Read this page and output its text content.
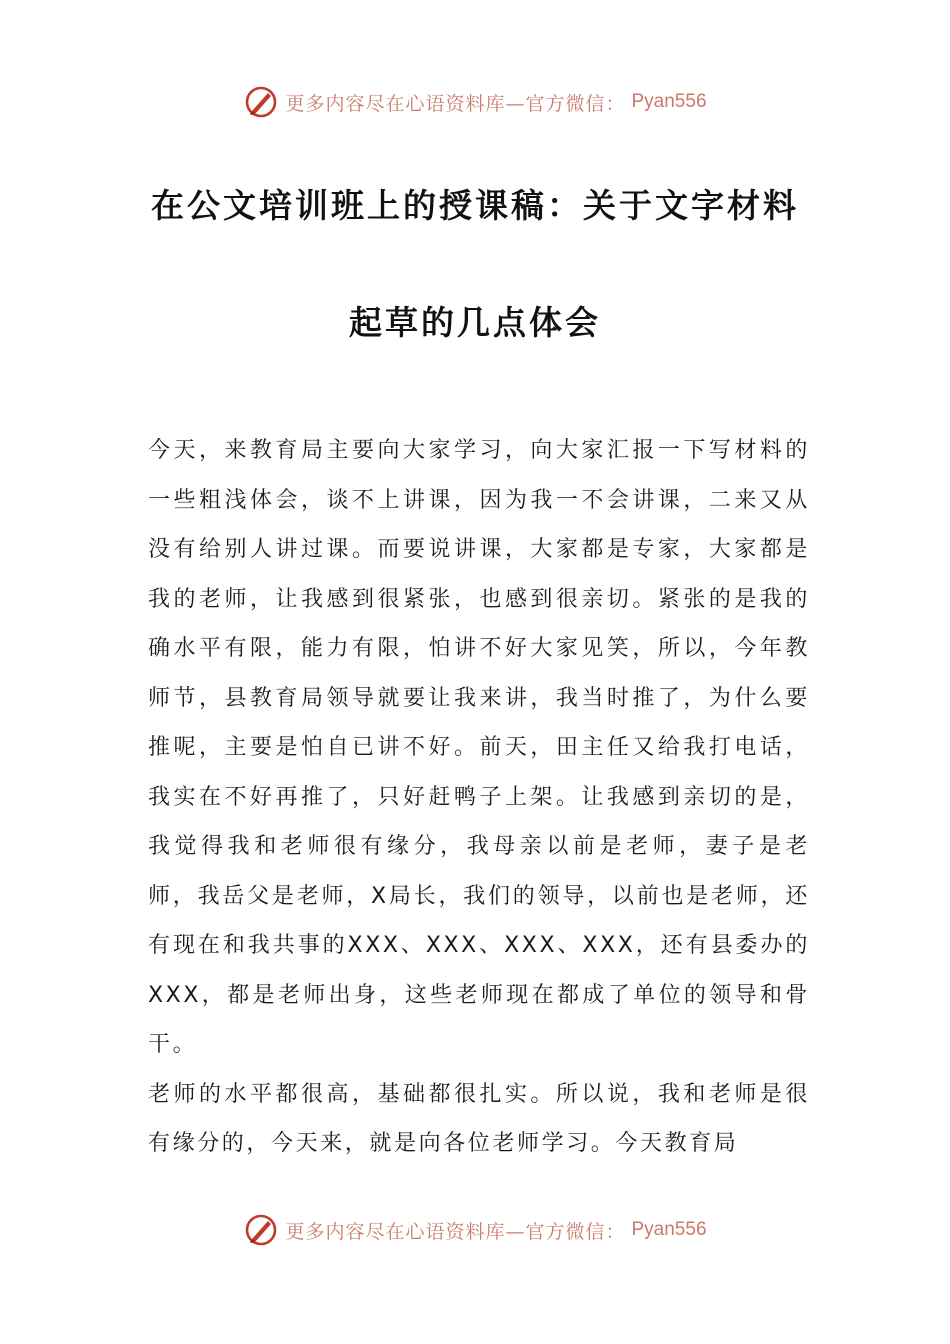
更多内容尽在心语资料库—官方微信： Pyan556
在公文培训班上的授课稿：关于文字材料
起草的几点体会

今天，来教育局主要向大家学习，向大家汇报一下写材料的一些粗浅体会，谈不上讲课，因为我一不会讲课，二来又从没有给别人讲过课。而要说讲课，大家都是专家，大家都是我的老师，让我感到很紧张，也感到很亲切。紧张的是我的确水平有限，能力有限，怕讲不好大家见笑，所以，今年教师节，县教育局领导就要让我来讲，我当时推了，为什么要推呢，主要是怕自已讲不好。前天，田主任又给我打电话，我实在不好再推了，只好赶鸭子上架。让我感到亲切的是，我觉得我和老师很有缘分，我母亲以前是老师，妻子是老师，我岳父是老师，X局长，我们的领导，以前也是老师，还有现在和我共事的XXX、XXX、XXX、XXX，还有县委办的XXX，都是老师出身，这些老师现在都成了单位的领导和骨干。

老师的水平都很高，基础都很扎实。所以说，我和老师是很有缘分的，今天来，就是向各位老师学习。今天教育局

更多内容尽在心语资料库—官方微信： Pyan556
